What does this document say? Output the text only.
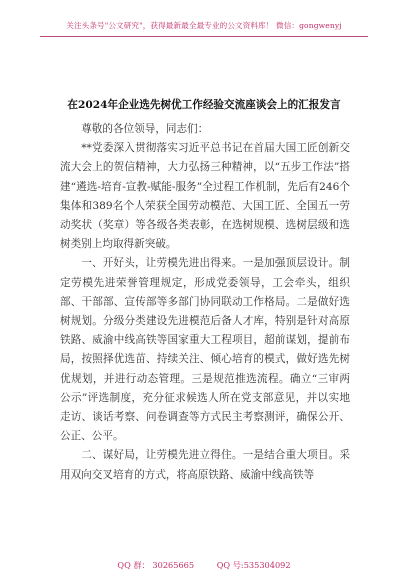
关注头条号"公文研究"，获得最新最全最专业的公文资料库！ 微信：gongwenyj
在2024年企业选先树优工作经验交流座谈会上的汇报发言

尊敬的各位领导，同志们：

**党委深入贯彻落实习近平总书记在首届大国工匠创新交流大会上的贺信精神，大力弘扬三种精神，以“五步工作法”搭建“遴选-培育-宣教-赋能-服务”全过程工作机制，先后有246个集体和389名个人荣获全国劳动模范、大国工匠、全国五一劳动奖状（奖章）等各级各类表彰，在选树规模、选树层级和选树类别上均取得新突破。

一、开好头，让劳模先进出得来。一是加强顶层设计。制定劳模先进荣誉管理规定，形成党委领导，工会牵头，组织部、干部部、宣传部等多部门协同联动工作格局。二是做好选树规划。分级分类建设先进模范后备人才库，特别是针对高原铁路、威渝中线高铁等国家重大工程项目，超前谋划，提前布局，按照择优选苗、持续关注、倾心培育的模式，做好选先树优规划，并进行动态管理。三是规范推选流程。确立“三审两公示”评选制度，充分征求候选人所在党支部意见，并以实地走访、谈话考察、问卷调查等方式民主考察测评，确保公开、公正、公平。

二、谋好局，让劳模先进立得住。一是结合重大项目。采用双向交叉培育的方式，将高原铁路、威渝中线高铁等

QQ 群： 30265665	QQ 号:535304092
